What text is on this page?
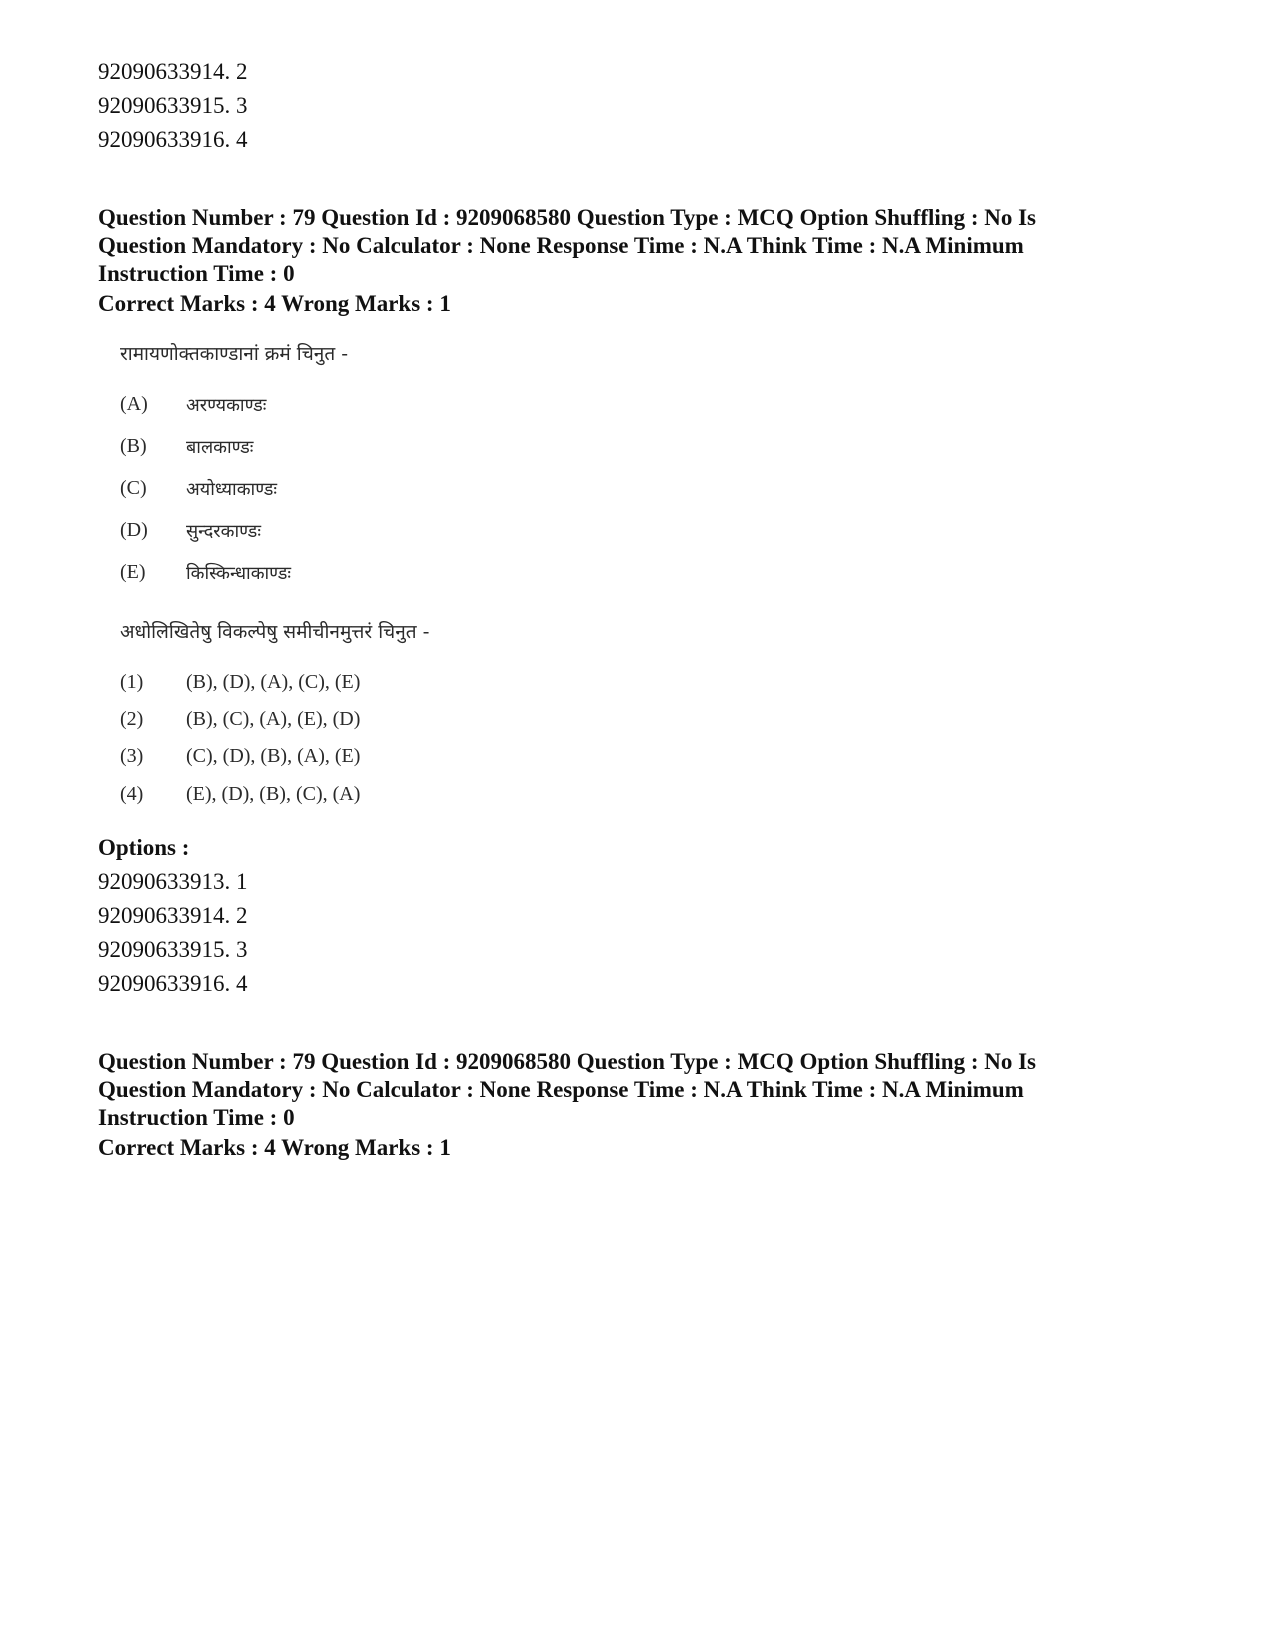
92090633914. 2
92090633915. 3
92090633916. 4
Question Number : 79 Question Id : 9209068580 Question Type : MCQ Option Shuffling : No Is Question Mandatory : No Calculator : None Response Time : N.A Think Time : N.A Minimum Instruction Time : 0
Correct Marks : 4 Wrong Marks : 1
रामायणोक्तकाण्डानां क्रमं चिनुत -
(A) अरण्यकाण्डः
(B) बालकाण्डः
(C) अयोध्याकाण्डः
(D) सुन्दरकाण्डः
(E) किस्किन्धाकाण्डः
अधोलिखितेषु विकल्पेषु समीचीनमुत्तरं चिनुत -
(1) (B), (D), (A), (C), (E)
(2) (B), (C), (A), (E), (D)
(3) (C), (D), (B), (A), (E)
(4) (E), (D), (B), (C), (A)
Options :
92090633913. 1
92090633914. 2
92090633915. 3
92090633916. 4
Question Number : 79 Question Id : 9209068580 Question Type : MCQ Option Shuffling : No Is Question Mandatory : No Calculator : None Response Time : N.A Think Time : N.A Minimum Instruction Time : 0
Correct Marks : 4 Wrong Marks : 1
